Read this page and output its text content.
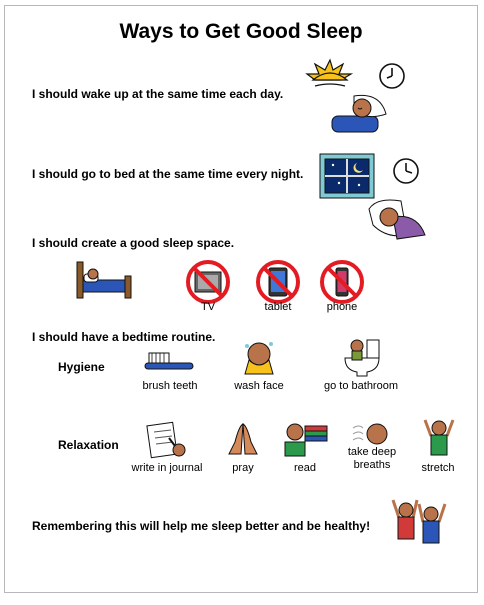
Ways to Get Good Sleep
I should wake up at the same time each day.
I should go to bed at the same time every night.
I should create a good sleep space.
TV	tablet	phone
I should have a bedtime routine.
Hygiene
brush teeth	wash face	go to bathroom
Relaxation
write in journal	pray	read
take deep
breaths	stretch
Remembering this will help me sleep better and be healthy!
